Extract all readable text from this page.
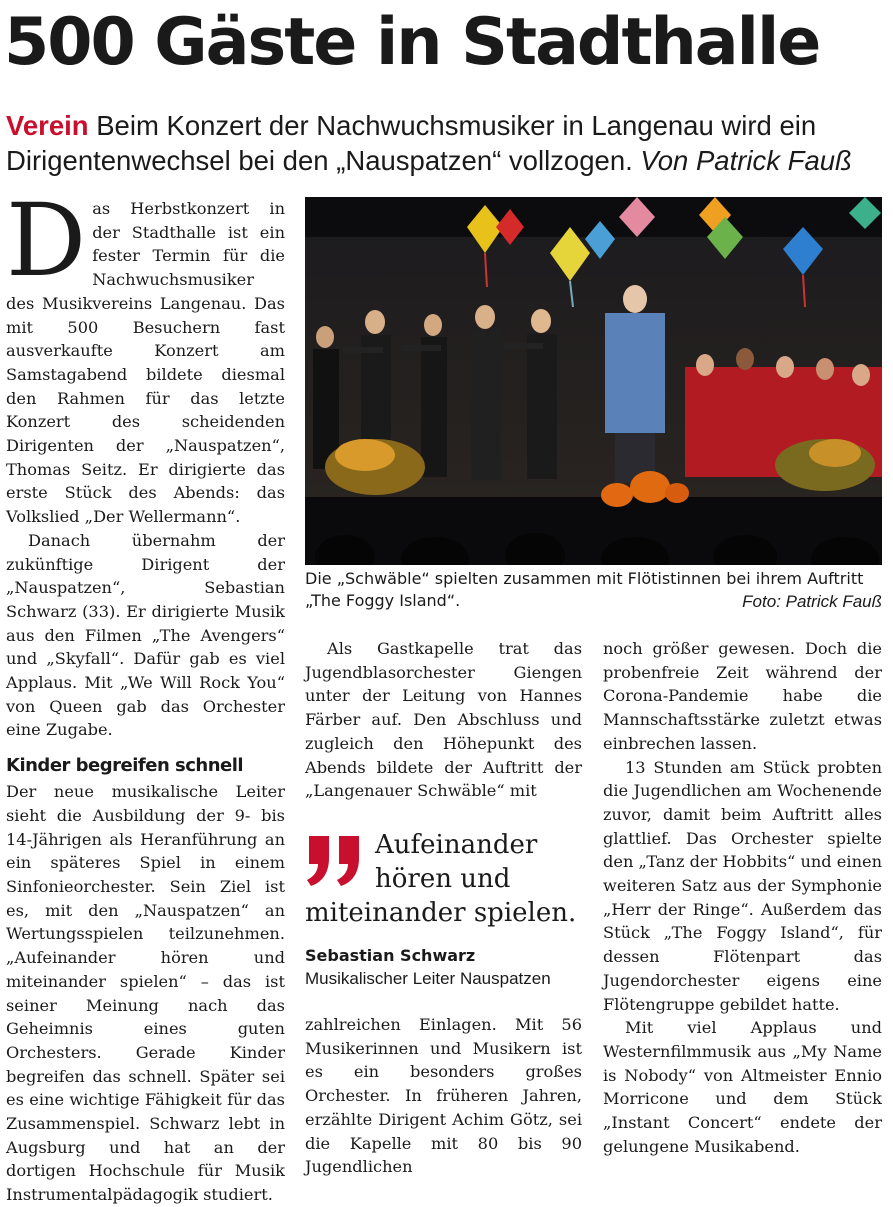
500 Gäste in Stadthalle

Verein Beim Konzert der Nachwuchsmusiker in Langenau wird ein Dirigentenwechsel bei den „Nauspatzen“ vollzogen. Von Patrick Fauß

Das Herbstkonzert in der Stadthalle ist ein fester Termin für die Nachwuchsmusiker des Musikvereins Langenau. Das mit 500 Besuchern fast ausverkaufte Konzert am Samstagabend bildete diesmal den Rahmen für das letzte Konzert des scheidenden Dirigenten der „Nauspatzen“, Thomas Seitz. Er dirigierte das erste Stück des Abends: das Volkslied „Der Wellermann“.

Danach übernahm der zukünftige Dirigent der „Nauspatzen“, Sebastian Schwarz (33). Er dirigierte Musik aus den Filmen „The Avengers“ und „Skyfall“. Dafür gab es viel Applaus. Mit „We Will Rock You“ von Queen gab das Orchester eine Zugabe.

Kinder begreifen schnell

Der neue musikalische Leiter sieht die Ausbildung der 9- bis 14-Jährigen als Heranführung an ein späteres Spiel in einem Sinfonieorchester. Sein Ziel ist es, mit den „Nauspatzen“ an Wertungsspielen teilzunehmen. „Aufeinander hören und miteinander spielen“ – das ist seiner Meinung nach das Geheimnis eines guten Orchesters. Gerade Kinder begreifen das schnell. Später sei es eine wichtige Fähigkeit für das Zusammenspiel. Schwarz lebt in Augsburg und hat an der dortigen Hochschule für Musik Instrumentalpädagogik studiert.

Die „Schwäble“ spielten zusammen mit Flötistinnen bei ihrem Auftritt „The Foggy Island“.	Foto: Patrick Fauß

Als Gastkapelle trat das Jugendblasorchester Giengen unter der Leitung von Hannes Färber auf. Den Abschluss und zugleich den Höhepunkt des Abends bildete der Auftritt der „Langenauer Schwäble“ mit

Aufeinander
hören und
miteinander spielen.

Sebastian Schwarz
Musikalischer Leiter Nauspatzen

zahlreichen Einlagen. Mit 56 Musikerinnen und Musikern ist es ein besonders großes Orchester. In früheren Jahren, erzählte Dirigent Achim Götz, sei die Kapelle mit 80 bis 90 Jugendlichen

noch größer gewesen. Doch die probenfreie Zeit während der Corona-Pandemie habe die Mannschaftsstärke zuletzt etwas einbrechen lassen.

13 Stunden am Stück probten die Jugendlichen am Wochenende zuvor, damit beim Auftritt alles glattlief. Das Orchester spielte den „Tanz der Hobbits“ und einen weiteren Satz aus der Symphonie „Herr der Ringe“. Außerdem das Stück „The Foggy Island“, für dessen Flötenpart das Jugendorchester eigens eine Flötengruppe gebildet hatte.

Mit viel Applaus und Westernfilmmusik aus „My Name is Nobody“ von Altmeister Ennio Morricone und dem Stück „Instant Concert“ endete der gelungene Musikabend.
